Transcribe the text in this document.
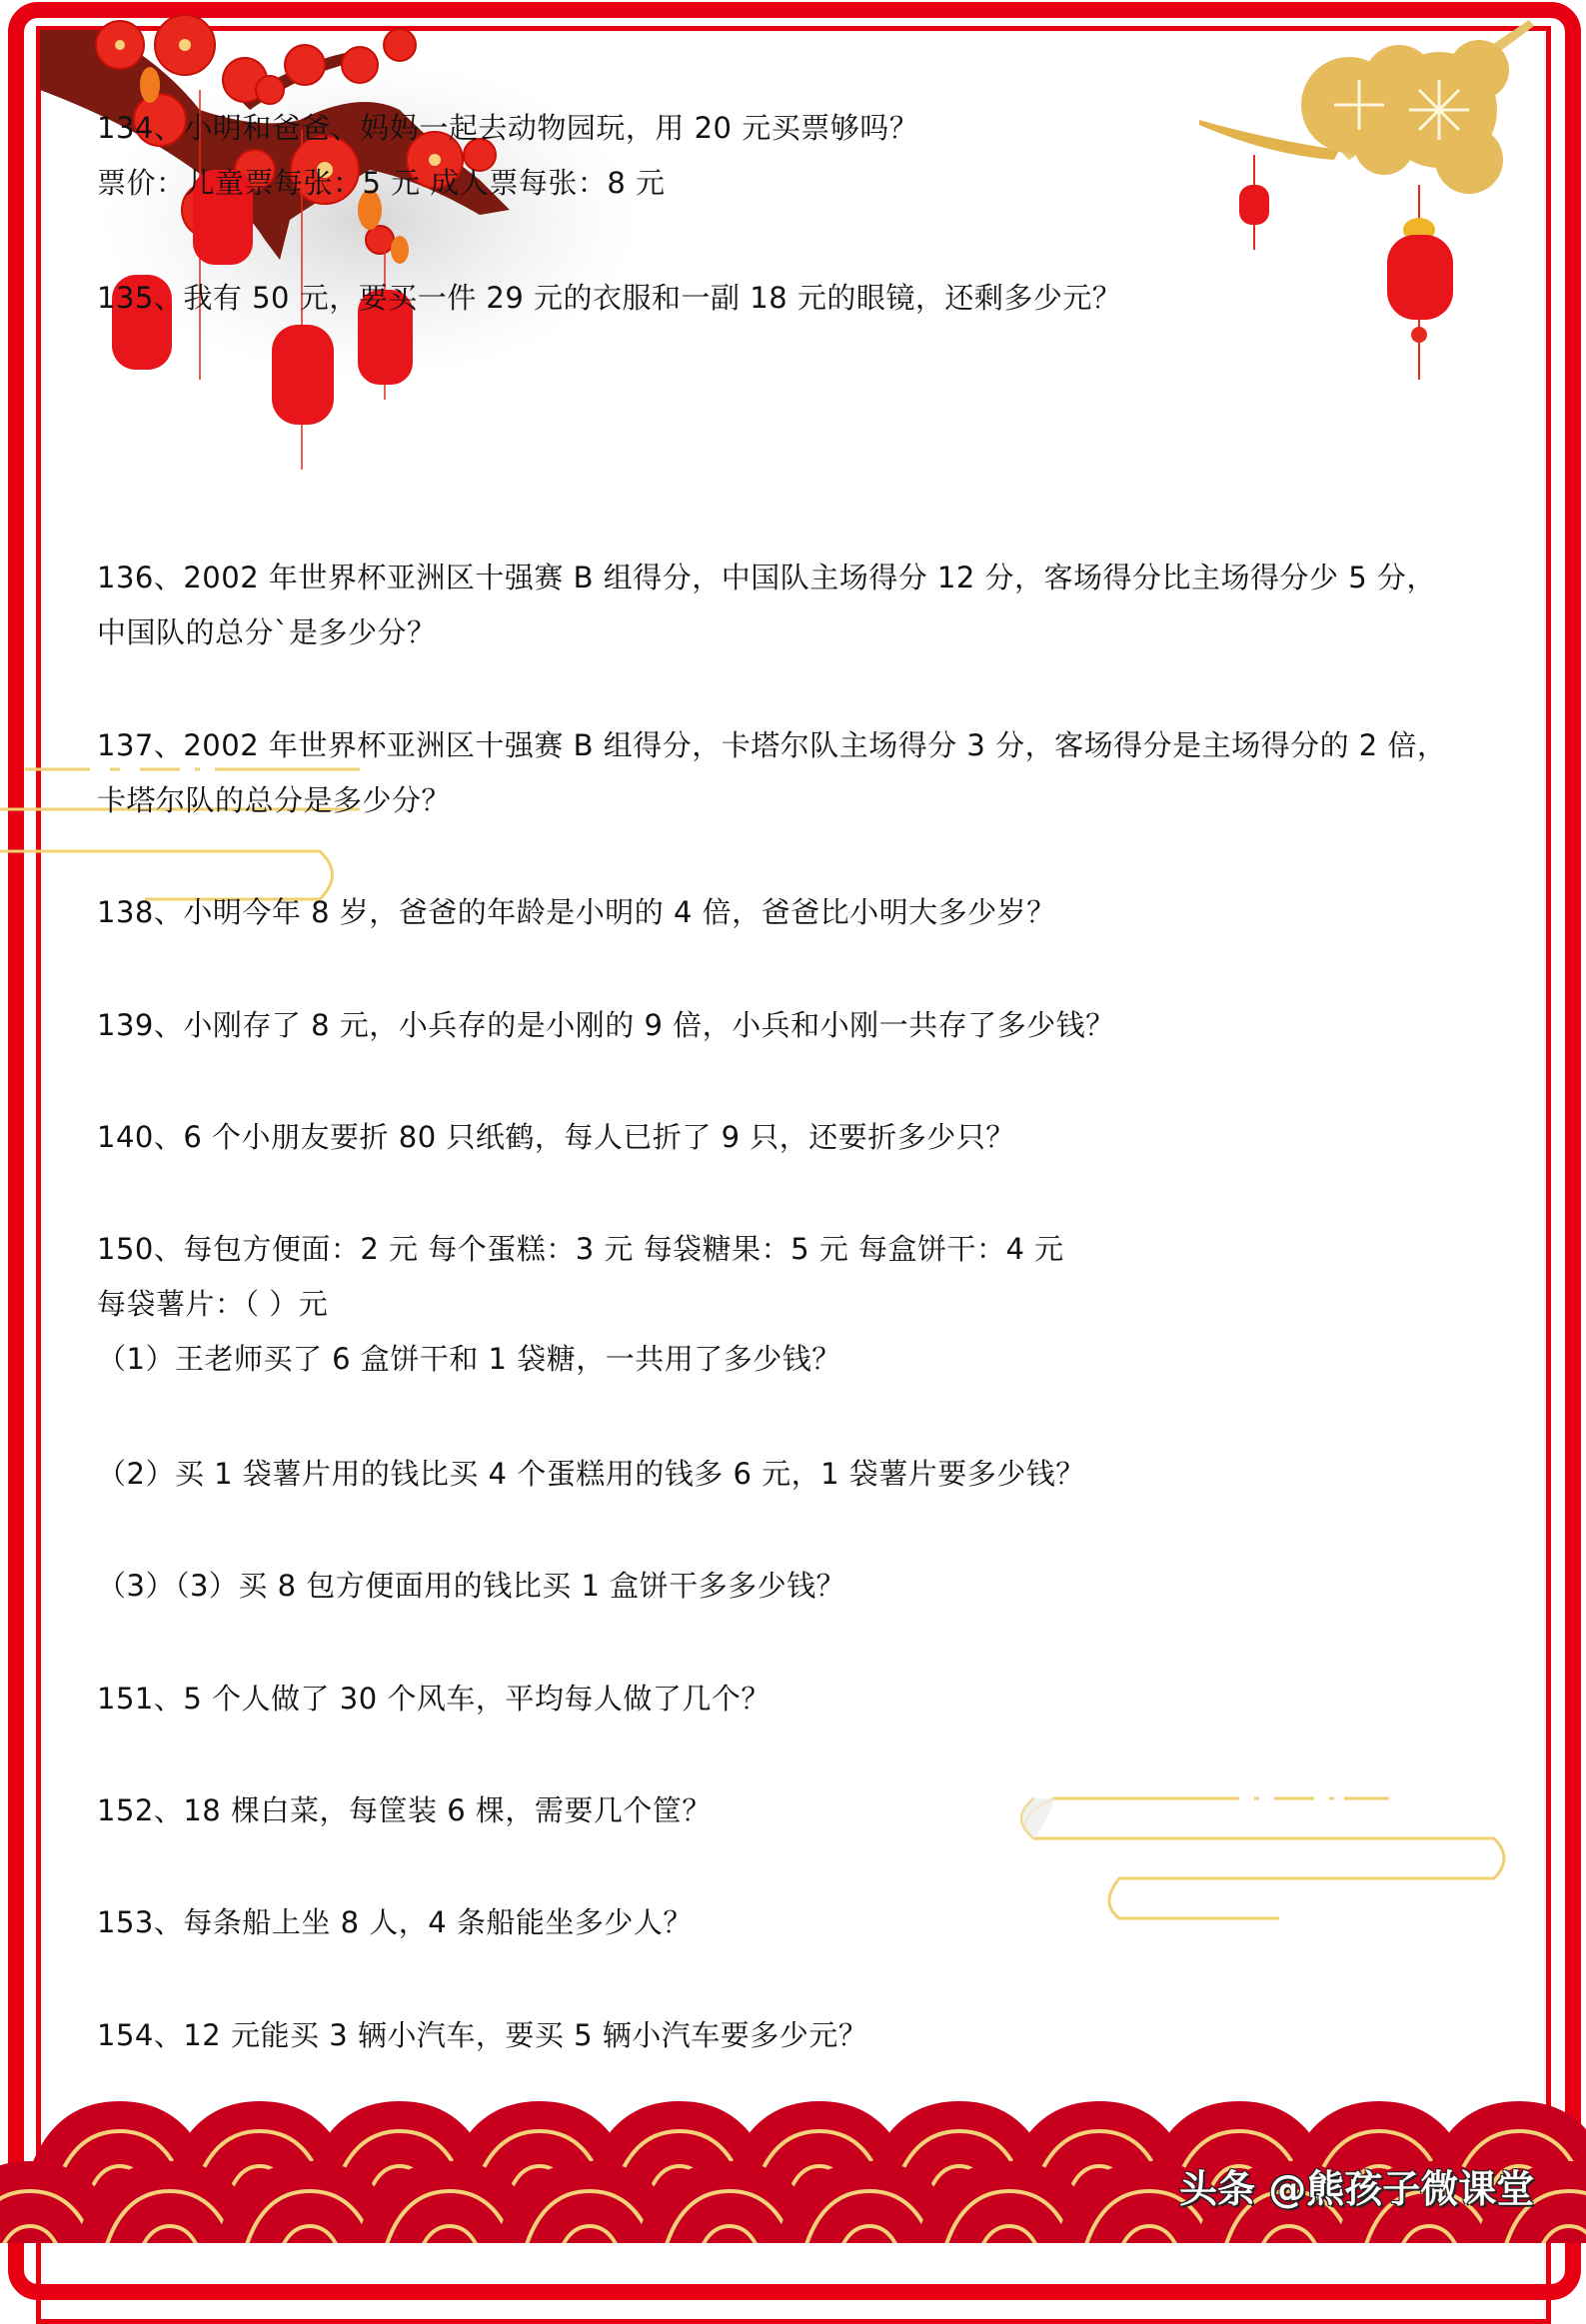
134、小明和爸爸、妈妈一起去动物园玩，用 20 元买票够吗？
票价：儿童票每张：5 元 成人票每张：8 元
135、我有 50 元，要买一件 29 元的衣服和一副 18 元的眼镜，还剩多少元？
136、2002 年世界杯亚洲区十强赛 B 组得分，中国队主场得分 12 分，客场得分比主场得分少 5 分，
中国队的总分`是多少分？
137、2002 年世界杯亚洲区十强赛 B 组得分，卡塔尔队主场得分 3 分，客场得分是主场得分的 2 倍，
卡塔尔队的总分是多少分？
138、小明今年 8 岁，爸爸的年龄是小明的 4 倍，爸爸比小明大多少岁？
139、小刚存了 8 元，小兵存的是小刚的 9 倍，小兵和小刚一共存了多少钱？
140、6 个小朋友要折 80 只纸鹤，每人已折了 9 只，还要折多少只？
150、每包方便面：2 元 每个蛋糕：3 元 每袋糖果：5 元 每盒饼干：4 元
每袋薯片：（ ）元
（1）王老师买了 6 盒饼干和 1 袋糖，一共用了多少钱？
（2）买 1 袋薯片用的钱比买 4 个蛋糕用的钱多 6 元，1 袋薯片要多少钱？
（3）（3）买 8 包方便面用的钱比买 1 盒饼干多多少钱？
151、5 个人做了 30 个风车，平均每人做了几个？
152、18 棵白菜，每筐装 6 棵，需要几个筐？
153、每条船上坐 8 人，4 条船能坐多少人？
154、12 元能买 3 辆小汽车，要买 5 辆小汽车要多少元？
头条 @熊孩子微课堂
